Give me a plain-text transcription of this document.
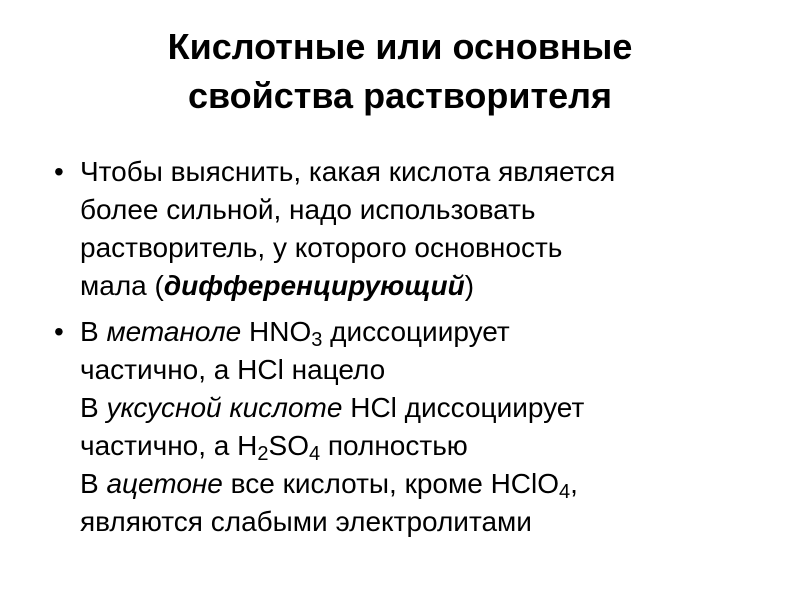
Кислотные или основные
свойства растворителя
• Чтобы выяснить, какая кислота является
более сильной, надо использовать
растворитель, у которого основность
мала (дифференцирующий)
• В метаноле $HNO_3$ диссоциирует
частично, а HCl нацело
В уксусной кислоте HCl диссоциирует
частично, а $H_2SO_4$ полностью
В ацетоне все кислоты, кроме HClO$_4$,
являются слабыми электролитами
